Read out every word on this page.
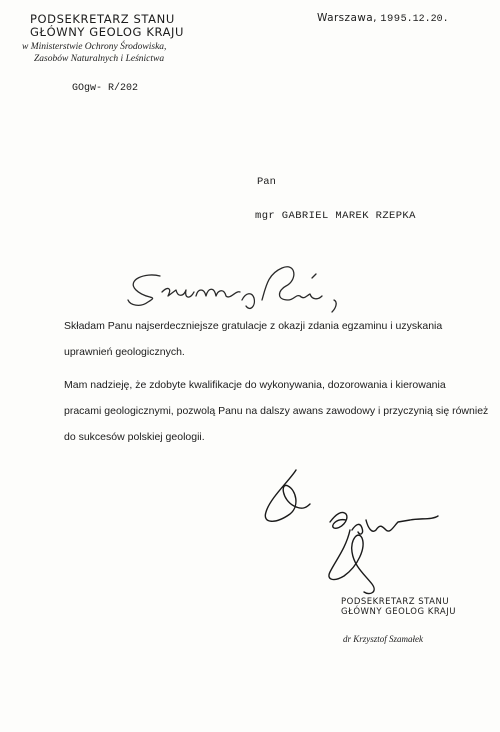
PODSEKRETARZ STANU
GŁÓWNY GEOLOG KRAJU
w Ministerstwie Ochrony Środowiska,
Zasobów Naturalnych i Leśnictwa
Warszawa, 1995.12.20.
GOgw- R/202
Pan
mgr GABRIEL MAREK RZEPKA
Składam Panu najserdeczniejsze gratulacje z okazji zdania egzaminu i uzyskania
uprawnień geologicznych.
Mam nadzieję, że zdobyte kwalifikacje do wykonywania, dozorowania i kierowania
pracami geologicznymi, pozwolą Panu na dalszy awans zawodowy i przyczynią się również
do sukcesów polskiej geologii.
PODSEKRETARZ STANU
GŁÓWNY GEOLOG KRAJU
dr Krzysztof Szamałek
